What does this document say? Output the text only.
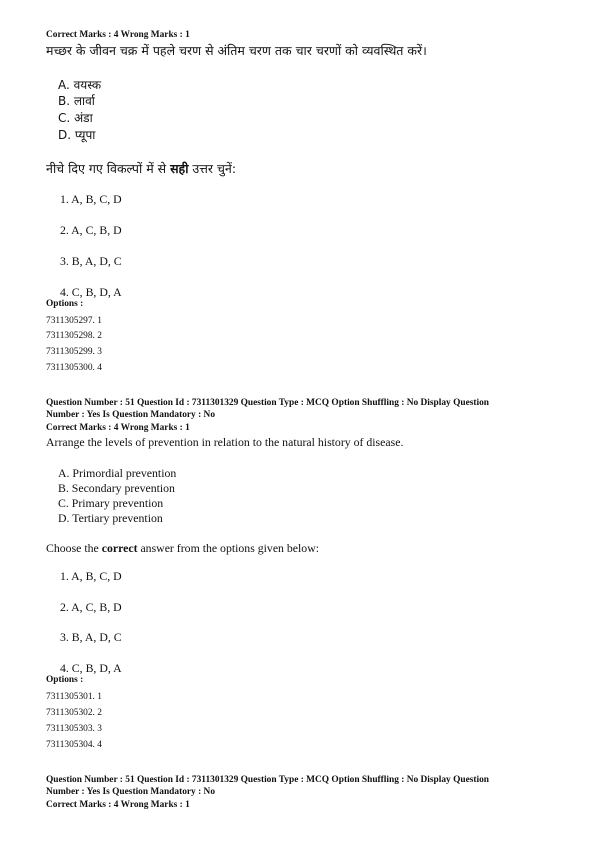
Correct Marks : 4 Wrong Marks : 1
मच्छर के जीवन चक्र में पहले चरण से अंतिम चरण तक चार चरणों को व्यवस्थित करें।
A. वयस्क
B. लार्वा
C. अंडा
D. प्यूपा
नीचे दिए गए विकल्पों में से सही उत्तर चुनें:
1. A, B, C, D
2. A, C, B, D
3. B, A, D, C
4. C, B, D, A
Options :
7311305297. 1
7311305298. 2
7311305299. 3
7311305300. 4
Question Number : 51 Question Id : 7311301329 Question Type : MCQ Option Shuffling : No Display Question
Number : Yes Is Question Mandatory : No
Correct Marks : 4 Wrong Marks : 1
Arrange the levels of prevention in relation to the natural history of disease.
A. Primordial prevention
B. Secondary prevention
C. Primary prevention
D. Tertiary prevention
Choose the correct answer from the options given below:
1. A, B, C, D
2. A, C, B, D
3. B, A, D, C
4. C, B, D, A
Options :
7311305301. 1
7311305302. 2
7311305303. 3
7311305304. 4
Question Number : 51 Question Id : 7311301329 Question Type : MCQ Option Shuffling : No Display Question
Number : Yes Is Question Mandatory : No
Correct Marks : 4 Wrong Marks : 1
